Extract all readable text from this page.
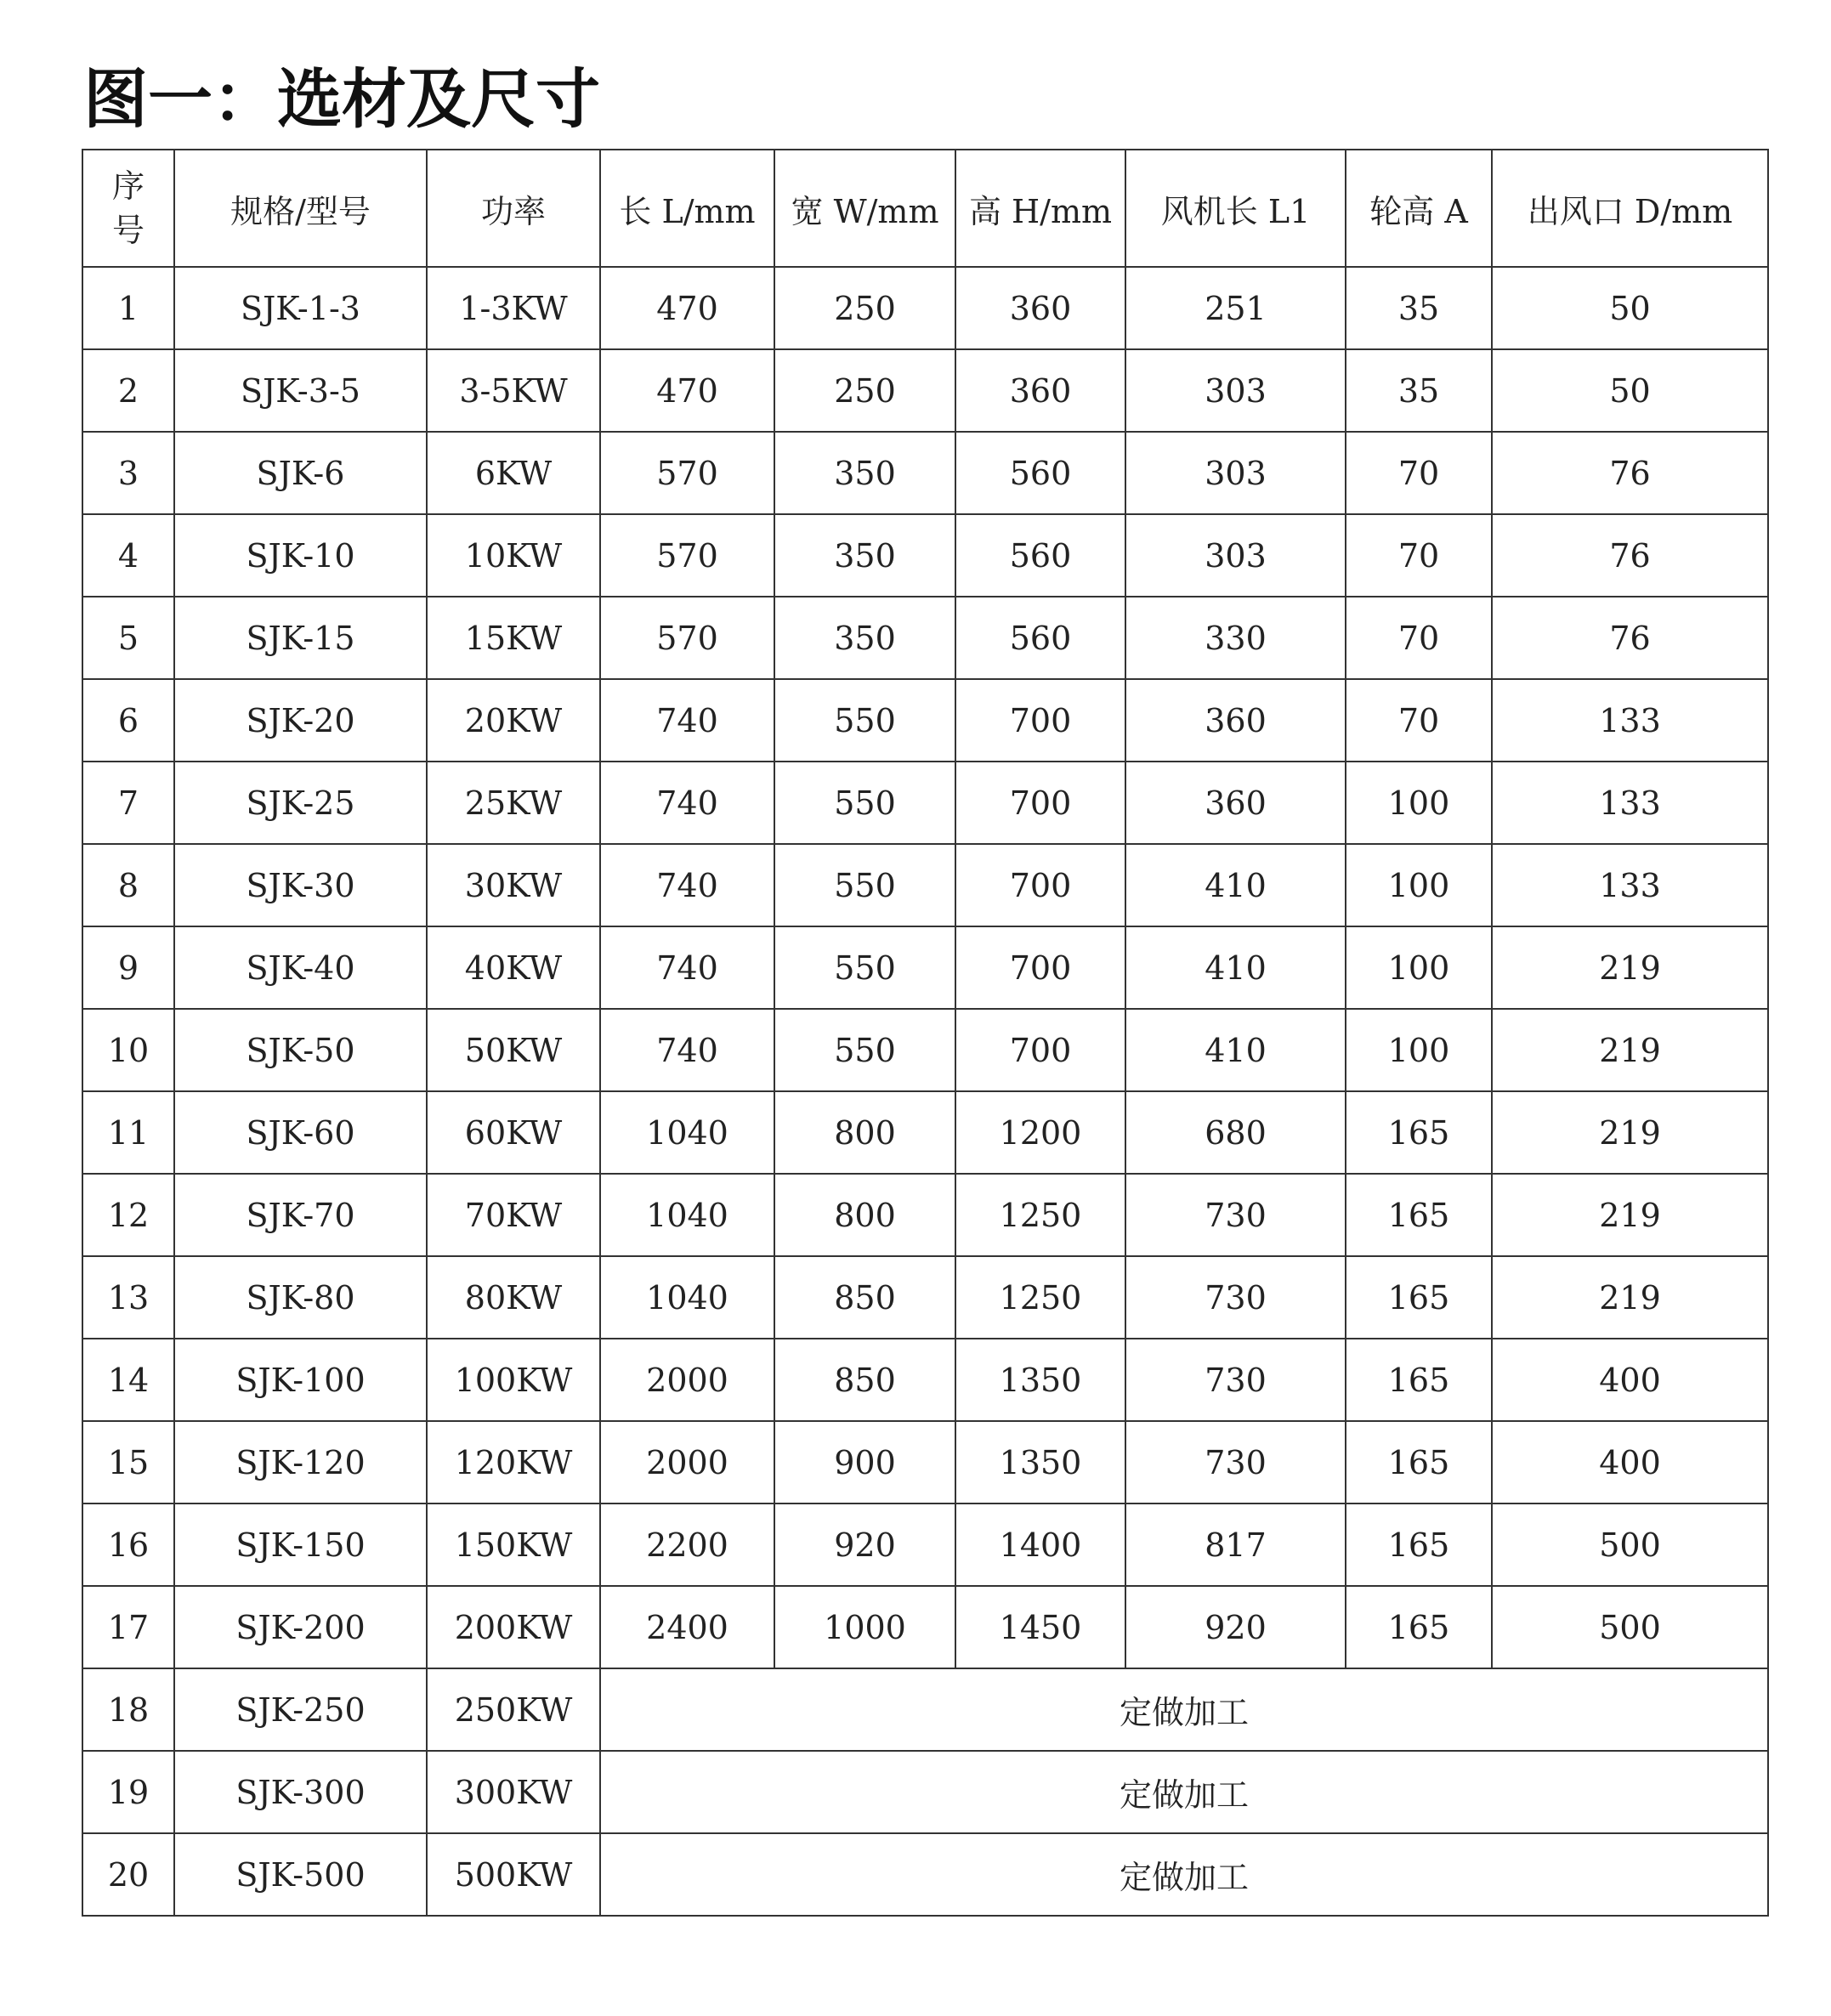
图一：选材及尺寸
序号	规格/型号	功率	长 L/mm	宽 W/mm	高 H/mm	风机长 L1	轮高 A	出风口 D/mm
1	SJK-1-3	1-3KW	470	250	360	251	35	50
2	SJK-3-5	3-5KW	470	250	360	303	35	50
3	SJK-6	6KW	570	350	560	303	70	76
4	SJK-10	10KW	570	350	560	303	70	76
5	SJK-15	15KW	570	350	560	330	70	76
6	SJK-20	20KW	740	550	700	360	70	133
7	SJK-25	25KW	740	550	700	360	100	133
8	SJK-30	30KW	740	550	700	410	100	133
9	SJK-40	40KW	740	550	700	410	100	219
10	SJK-50	50KW	740	550	700	410	100	219
11	SJK-60	60KW	1040	800	1200	680	165	219
12	SJK-70	70KW	1040	800	1250	730	165	219
13	SJK-80	80KW	1040	850	1250	730	165	219
14	SJK-100	100KW	2000	850	1350	730	165	400
15	SJK-120	120KW	2000	900	1350	730	165	400
16	SJK-150	150KW	2200	920	1400	817	165	500
17	SJK-200	200KW	2400	1000	1450	920	165	500
18	SJK-250	250KW	定做加工					
19	SJK-300	300KW	定做加工					
20	SJK-500	500KW	定做加工					
